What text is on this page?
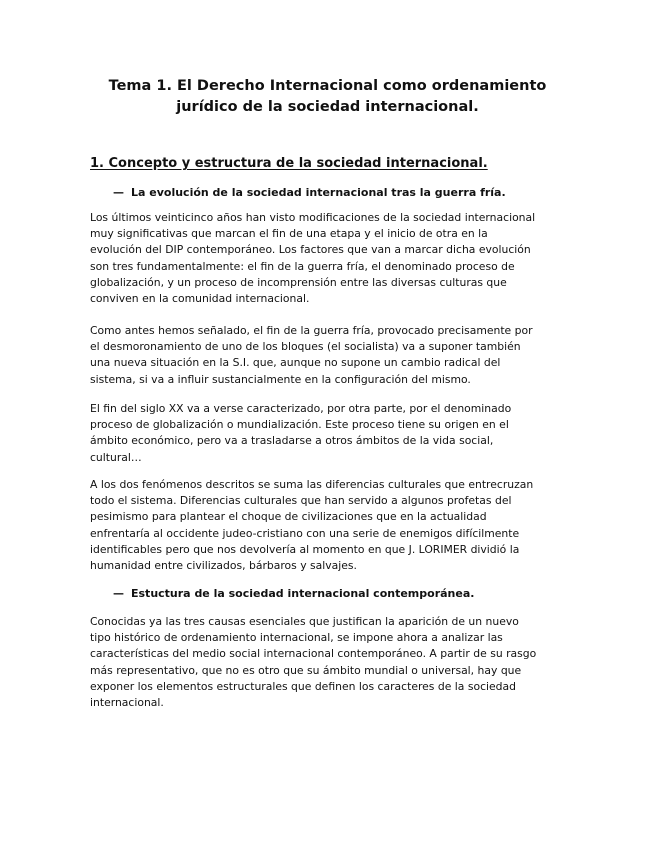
Tema 1. El Derecho Internacional como ordenamiento jurídico de la sociedad internacional.
1. Concepto y estructura de la sociedad internacional.
— La evolución de la sociedad internacional tras la guerra fría.

Los últimos veinticinco años han visto modificaciones de la sociedad internacional
muy significativas que marcan el fin de una etapa y el inicio de otra en la
evolución del DIP contemporáneo. Los factores que van a marcar dicha evolución
son tres fundamentalmente: el fin de la guerra fría, el denominado proceso de
globalización, y un proceso de incomprensión entre las diversas culturas que
conviven en la comunidad internacional.

Como antes hemos señalado, el fin de la guerra fría, provocado precisamente por
el desmoronamiento de uno de los bloques (el socialista) va a suponer también
una nueva situación en la S.I. que, aunque no supone un cambio radical del
sistema, si va a influir sustancialmente en la configuración del mismo.

El fin del siglo XX va a verse caracterizado, por otra parte, por el denominado
proceso de globalización o mundialización. Este proceso tiene su origen en el
ámbito económico, pero va a trasladarse a otros ámbitos de la vida social,
cultural…

A los dos fenómenos descritos se suma las diferencias culturales que entrecruzan
todo el sistema. Diferencias culturales que han servido a algunos profetas del
pesimismo para plantear el choque de civilizaciones que en la actualidad
enfrentaría al occidente judeo-cristiano con una serie de enemigos difícilmente
identificables pero que nos devolvería al momento en que J. LORIMER dividió la
humanidad entre civilizados, bárbaros y salvajes.

— Estuctura de la sociedad internacional contemporánea.

Conocidas ya las tres causas esenciales que justifican la aparición de un nuevo
tipo histórico de ordenamiento internacional, se impone ahora a analizar las
características del medio social internacional contemporáneo. A partir de su rasgo
más representativo, que no es otro que su ámbito mundial o universal, hay que
exponer los elementos estructurales que definen los caracteres de la sociedad
internacional.
